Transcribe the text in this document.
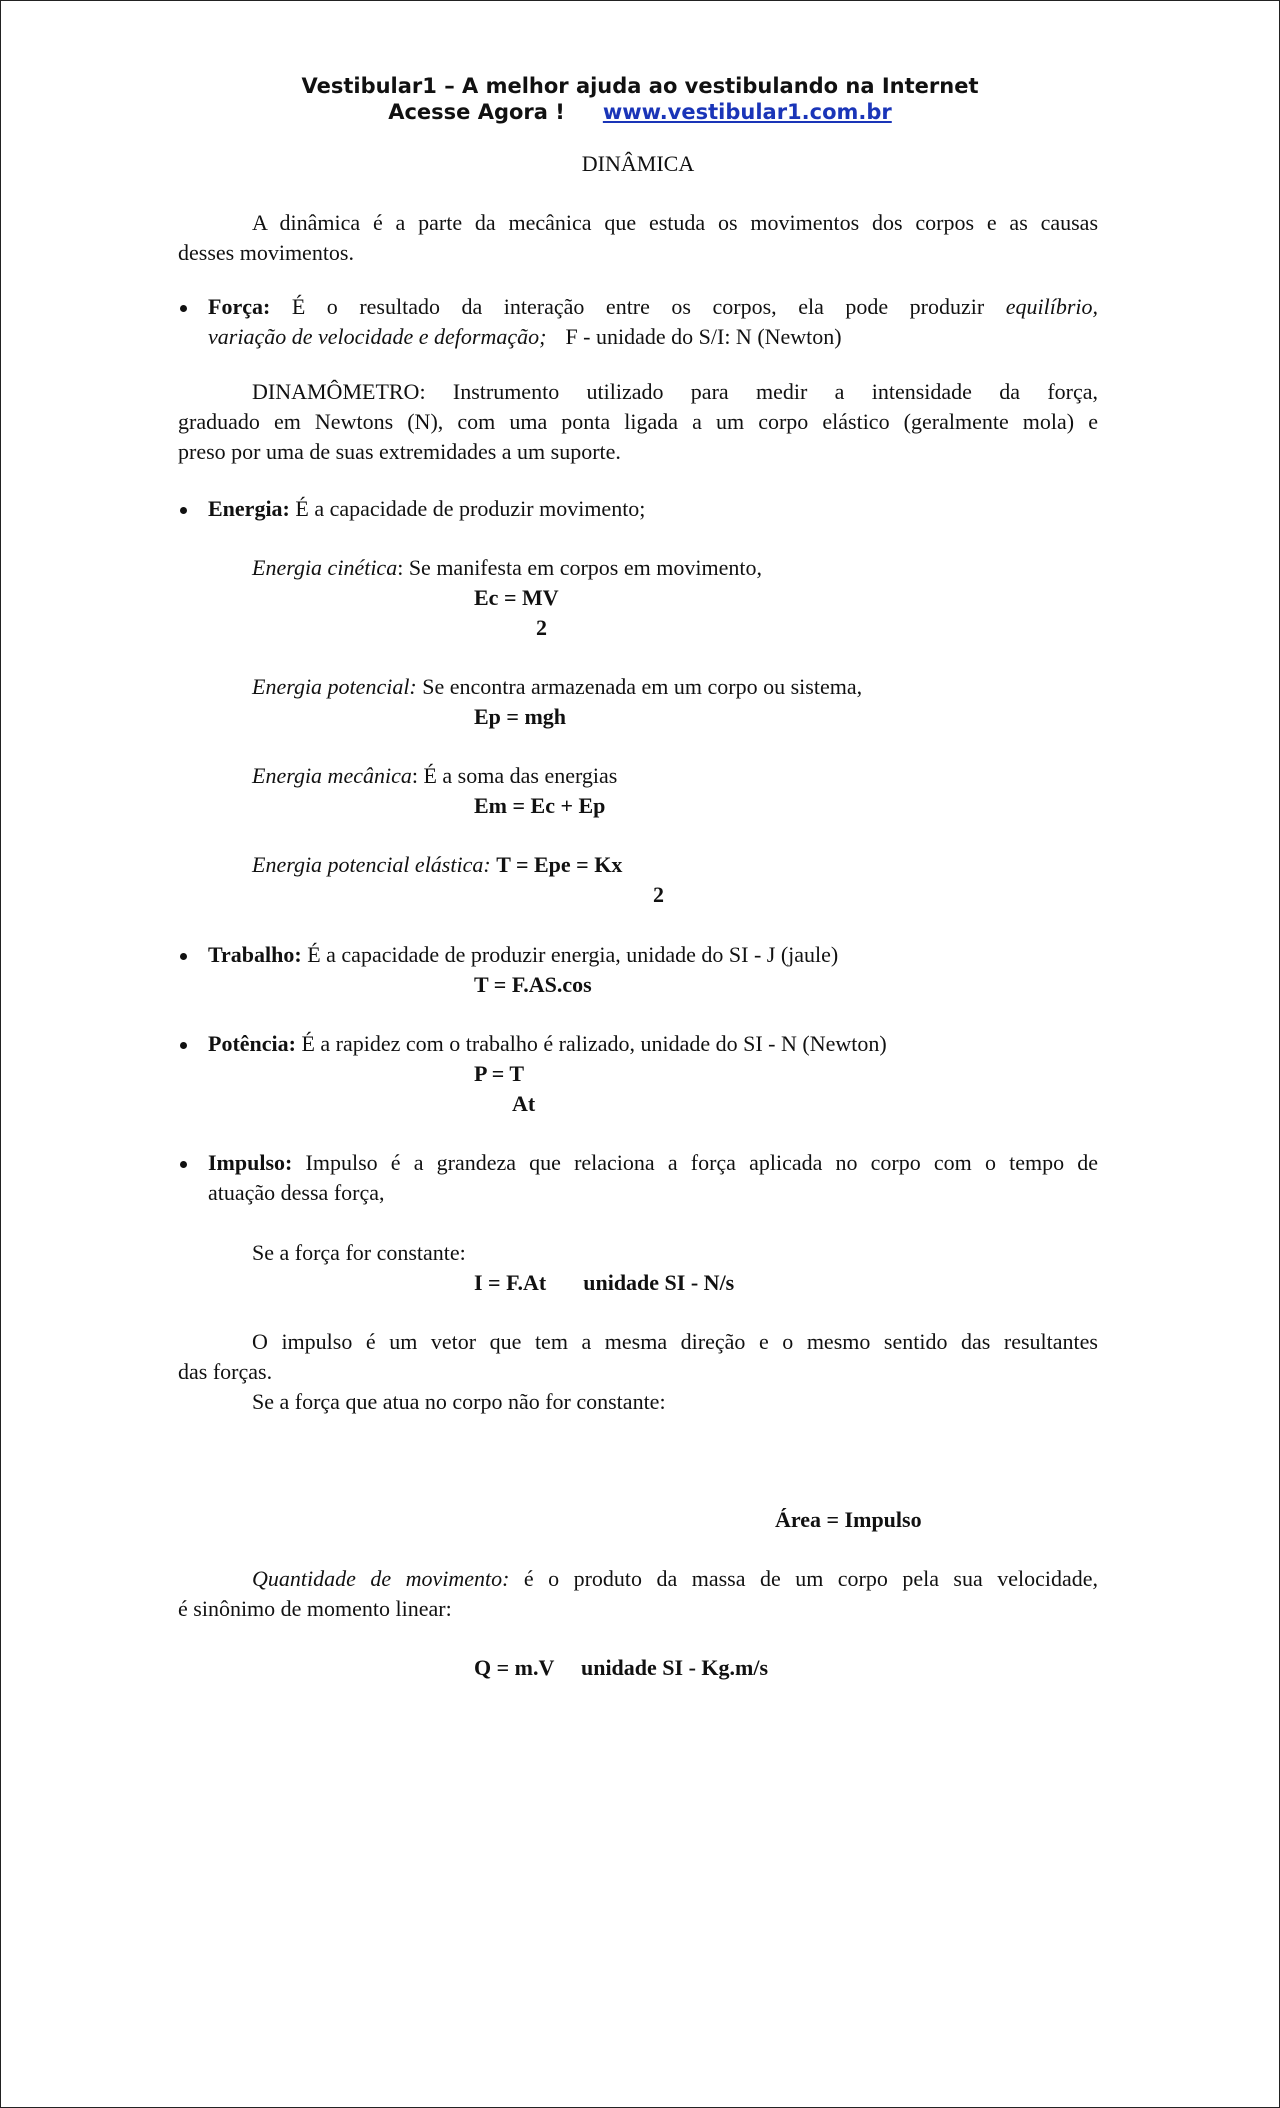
Vestibular1 – A melhor ajuda ao vestibulando na Internet
Acesse Agora ! www.vestibular1.com.br
DINÂMICA
A dinâmica é a parte da mecânica que estuda os movimentos dos corpos e as causas
desses movimentos.
Força: É o resultado da interação entre os corpos, ela pode produzir equilíbrio,
variação de velocidade e deformação; F - unidade do S/I: N (Newton)
DINAMÔMETRO: Instrumento utilizado para medir a intensidade da força,
graduado em Newtons (N), com uma ponta ligada a um corpo elástico (geralmente mola) e
preso por uma de suas extremidades a um suporte.
Energia: É a capacidade de produzir movimento;
Energia cinética: Se manifesta em corpos em movimento,
Ec = MV
2
Energia potencial: Se encontra armazenada em um corpo ou sistema,
Ep = mgh
Energia mecânica: É a soma das energias
Em = Ec + Ep
Energia potencial elástica: T = Epe = Kx
2
Trabalho: É a capacidade de produzir energia, unidade do SI - J (jaule)
T = F.AS.cos
Potência: É a rapidez com o trabalho é ralizado, unidade do SI - N (Newton)
P = T
At
Impulso: Impulso é a grandeza que relaciona a força aplicada no corpo com o tempo de
atuação dessa força,
Se a força for constante:
I = F.At unidade SI - N/s
O impulso é um vetor que tem a mesma direção e o mesmo sentido das resultantes
das forças.
Se a força que atua no corpo não for constante:
Área = Impulso
Quantidade de movimento: é o produto da massa de um corpo pela sua velocidade,
é sinônimo de momento linear:
Q = m.V unidade SI - Kg.m/s
